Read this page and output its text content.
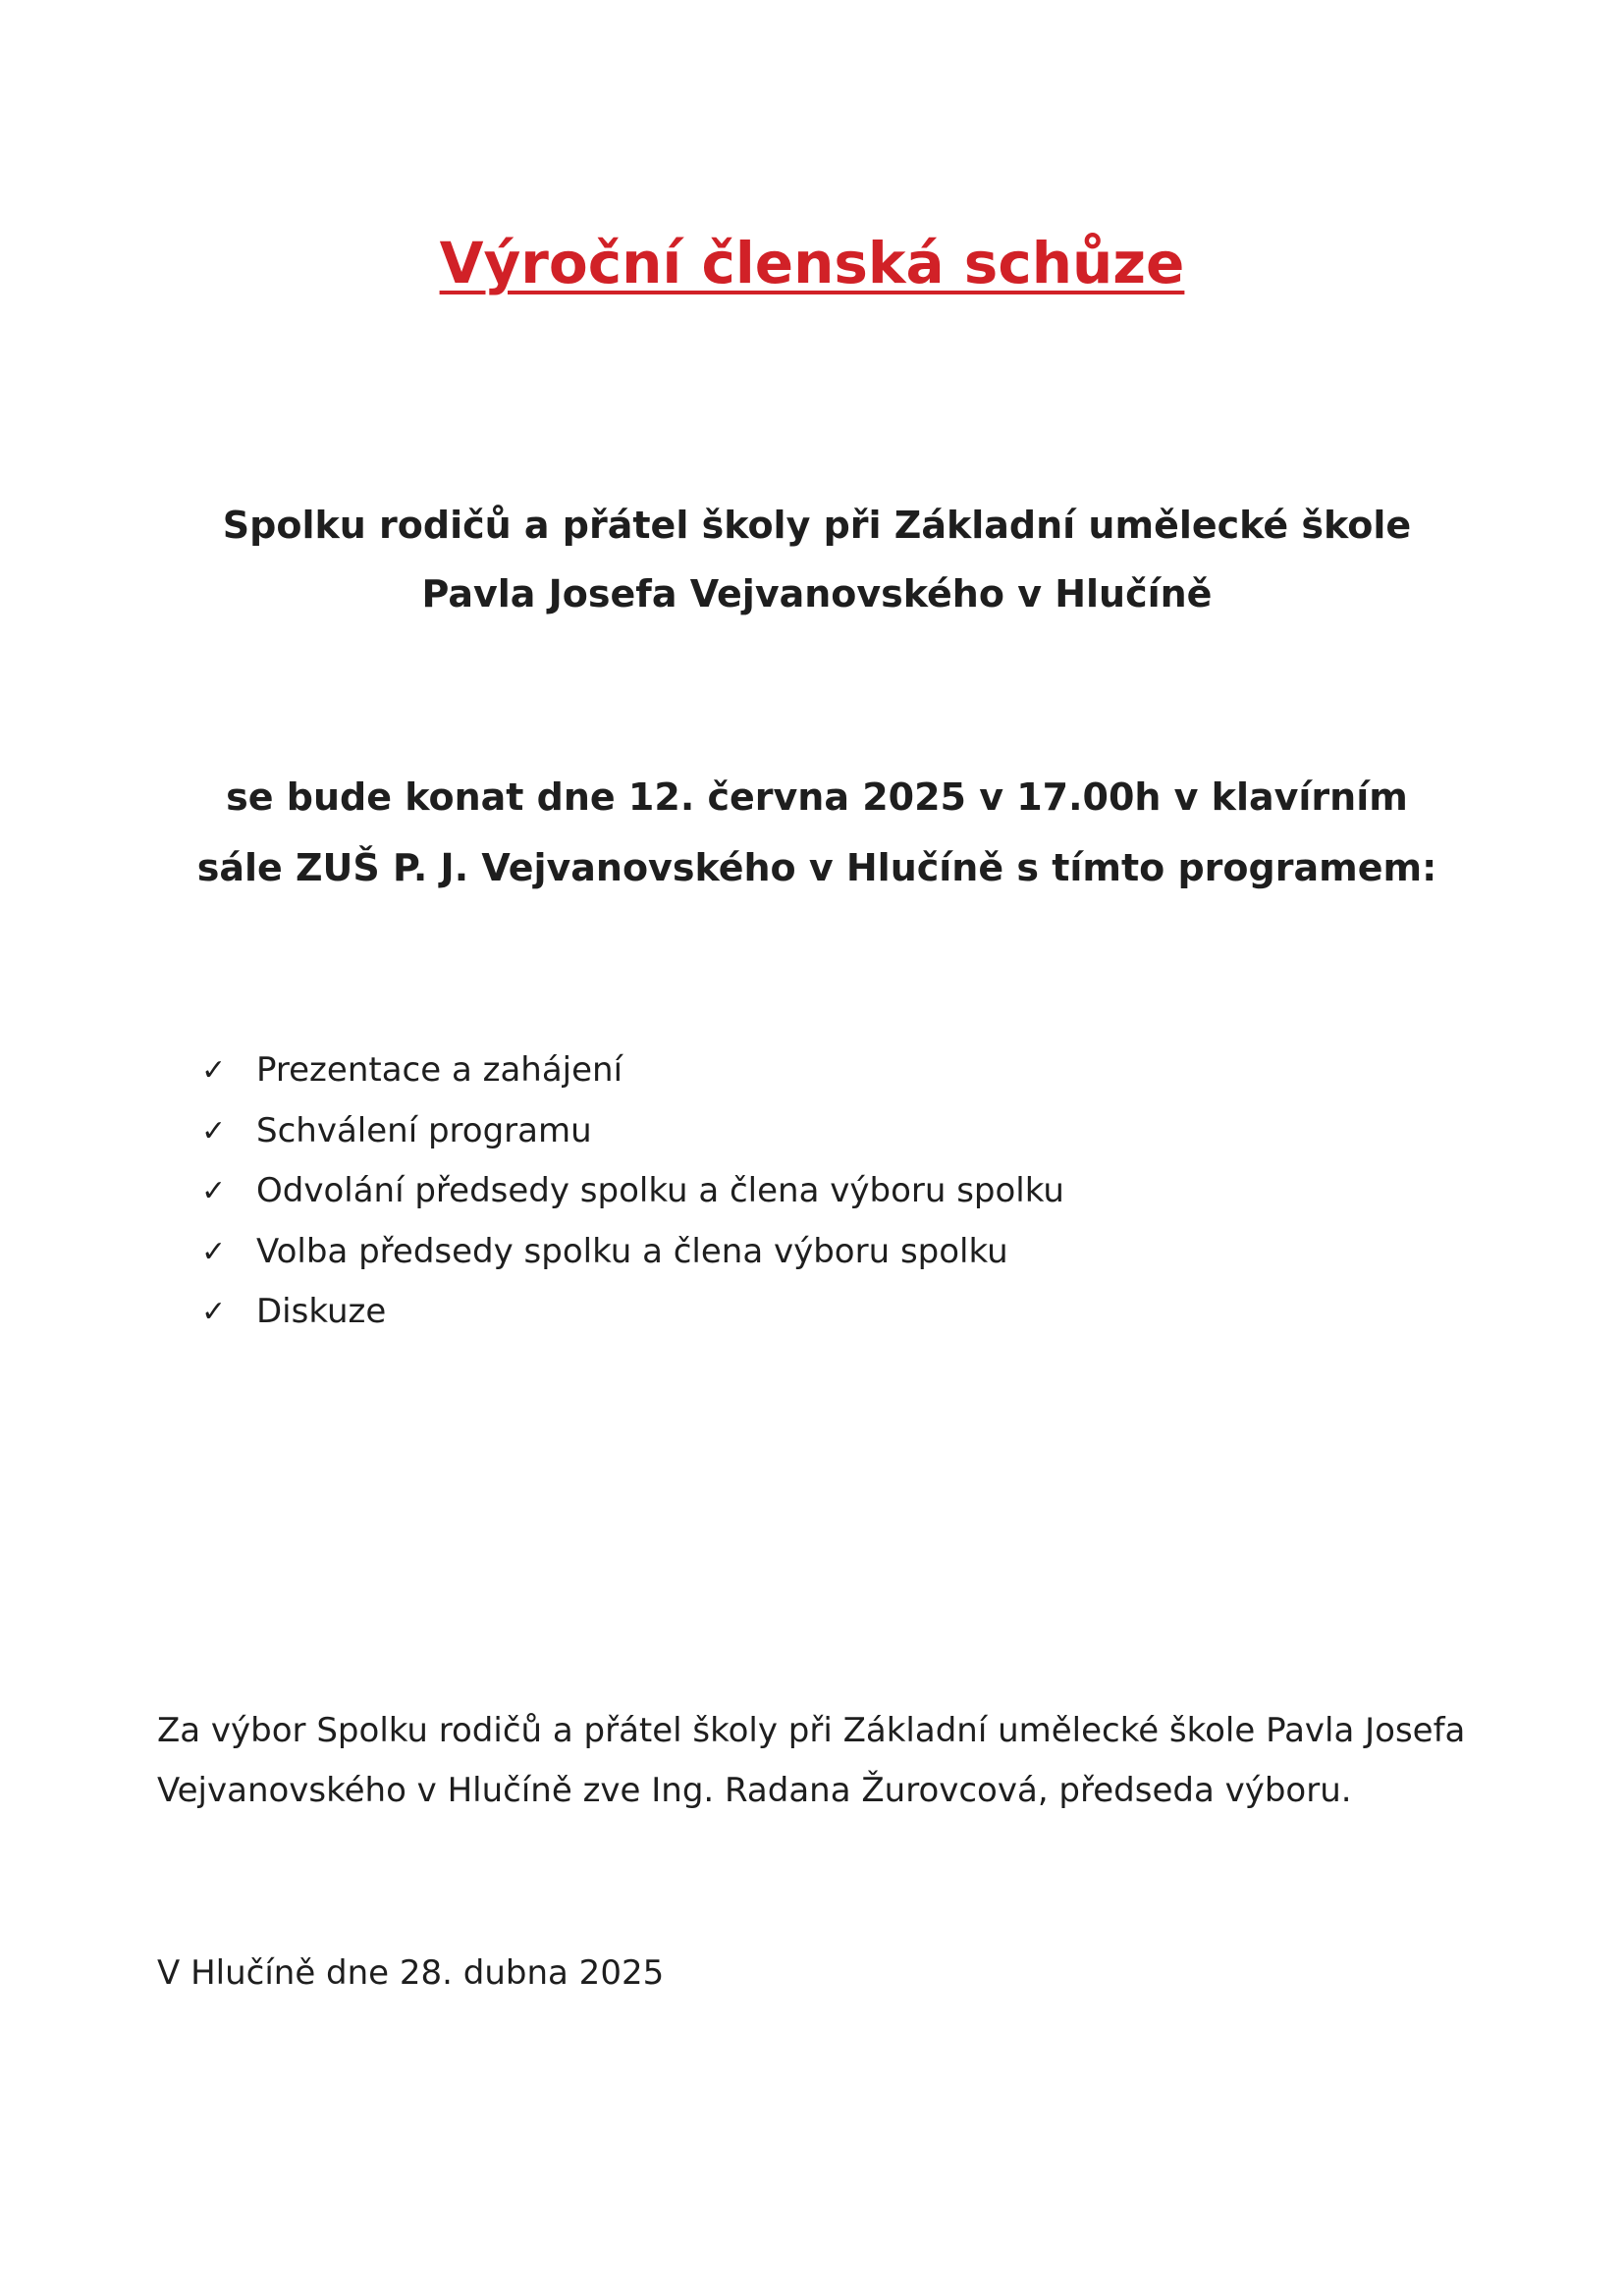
Výroční členská schůze
Spolku rodičů a přátel školy při Základní umělecké škole
Pavla Josefa Vejvanovského v Hlučíně
se bude konat dne 12. června 2025 v 17.00h v klavírním
sále ZUŠ P. J. Vejvanovského v Hlučíně s tímto programem:
✓ Prezentace a zahájení
✓ Schválení programu
✓ Odvolání předsedy spolku a člena výboru spolku
✓ Volba předsedy spolku a člena výboru spolku
✓ Diskuze
Za výbor Spolku rodičů a přátel školy při Základní umělecké škole Pavla Josefa
Vejvanovského v Hlučíně zve Ing. Radana Žurovcová, předseda výboru.
V Hlučíně dne 28. dubna 2025
